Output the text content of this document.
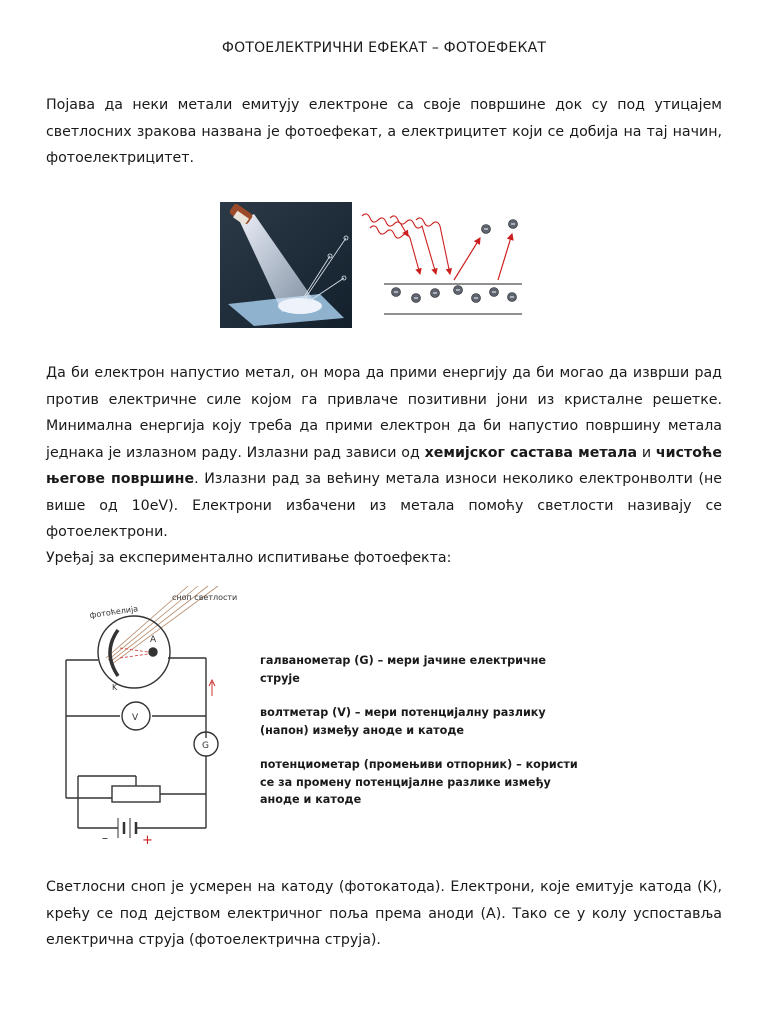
ФОТОЕЛЕКТРИЧНИ ЕФЕКАТ – ФОТОЕФЕКАТ

Појава да неки метали емитују електроне са своје површине док су под утицајем светлосних зракова названа је фотоефекат, а електрицитет који се добија на тај начин, фотоелектрицитет.

Да би електрон напустио метал, он мора да прими енергију да би могао да изврши рад против електричне силе којом га привлаче позитивни јони из кристалне решетке. Минимална енергија коју треба да прими електрон да би напустио површину метала једнака је излазном раду. Излазни рад зависи од хемијског састава метала и чистоће његове површине. Излазни рад за већину метала износи неколико електронволти (не више од 10eV). Електрони избачени из метала помоћу светлости називају се фотоелектрони.

Уређај за експериментално испитивање фотоефекта:

фотоћелија
сноп светлости
A
K
V
G
–	+
галванометар (G) – мери јачине електричне струје
волтметар (V) – мери потенцијалну разлику (напон) између аноде и катоде
потенциометар (промењиви отпорник) – користи се за промену потенцијалне разлике између аноде и катоде

Светлосни сноп је усмерен на катоду (фотокатода). Електрони, које емитује катода (K), крећу се под дејством електричног поља према аноди (A). Тако се у колу успоставља електрична струја (фотоелектрична струја).
